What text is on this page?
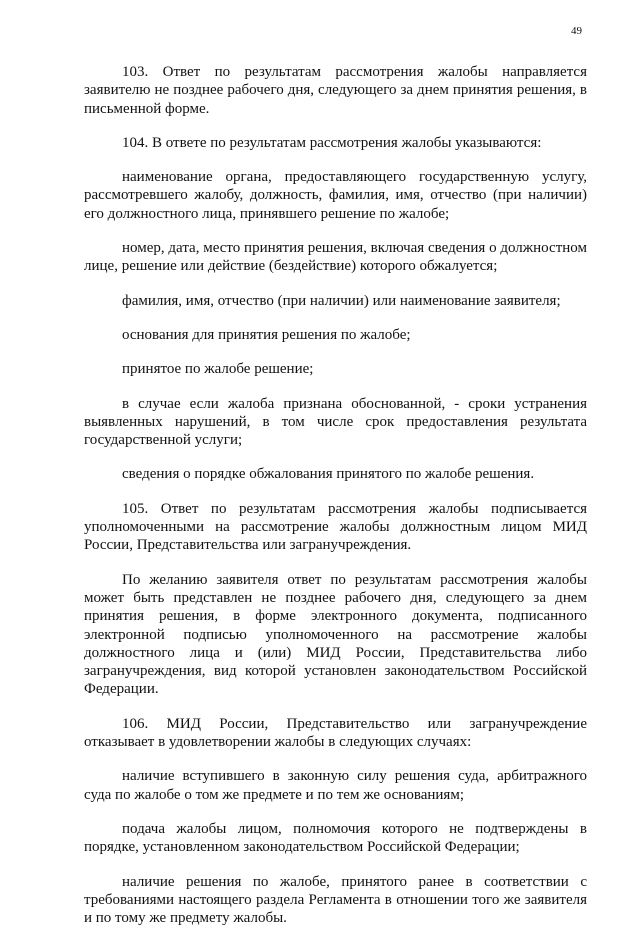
49

103. Ответ по результатам рассмотрения жалобы направляется заявителю не позднее рабочего дня, следующего за днем принятия решения, в письменной форме.

104. В ответе по результатам рассмотрения жалобы указываются:

наименование органа, предоставляющего государственную услугу, рассмотревшего жалобу, должность, фамилия, имя, отчество (при наличии) его должностного лица, принявшего решение по жалобе;

номер, дата, место принятия решения, включая сведения о должностном лице, решение или действие (бездействие) которого обжалуется;

фамилия, имя, отчество (при наличии) или наименование заявителя;

основания для принятия решения по жалобе;

принятое по жалобе решение;

в случае если жалоба признана обоснованной, - сроки устранения выявленных нарушений, в том числе срок предоставления результата государственной услуги;

сведения о порядке обжалования принятого по жалобе решения.

105. Ответ по результатам рассмотрения жалобы подписывается уполномоченными на рассмотрение жалобы должностным лицом МИД России, Представительства или загранучреждения.

По желанию заявителя ответ по результатам рассмотрения жалобы может быть представлен не позднее рабочего дня, следующего за днем принятия решения, в форме электронного документа, подписанного электронной подписью уполномоченного на рассмотрение жалобы должностного лица и (или) МИД России, Представительства либо загранучреждения, вид которой установлен законодательством Российской Федерации.

106. МИД России, Представительство или загранучреждение отказывает в удовлетворении жалобы в следующих случаях:

наличие вступившего в законную силу решения суда, арбитражного суда по жалобе о том же предмете и по тем же основаниям;

подача жалобы лицом, полномочия которого не подтверждены в порядке, установленном законодательством Российской Федерации;

наличие решения по жалобе, принятого ранее в соответствии с требованиями настоящего раздела Регламента в отношении того же заявителя и по тому же предмету жалобы.
